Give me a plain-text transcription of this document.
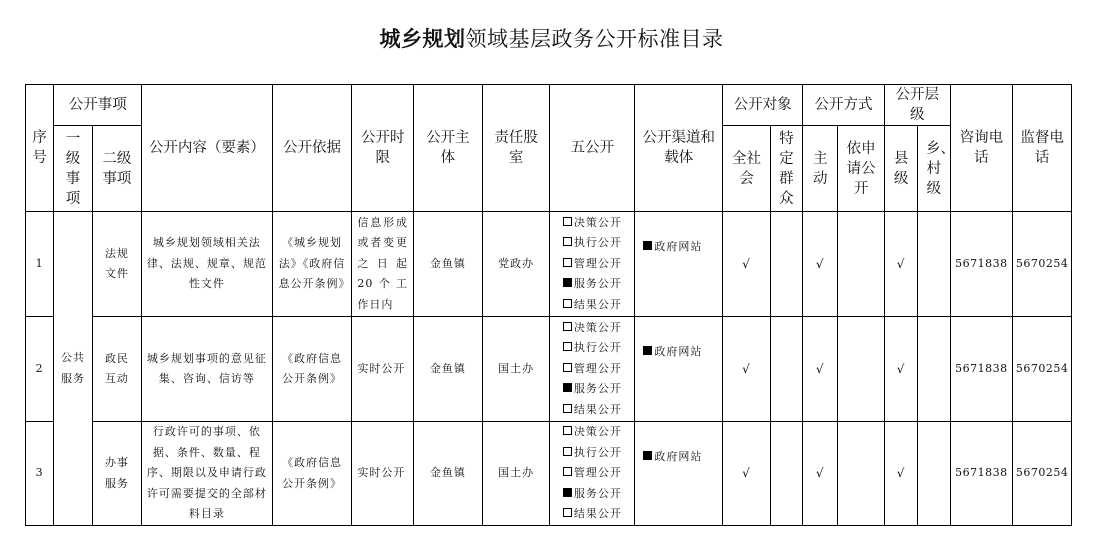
城乡规划领域基层政务公开标准目录
序号	公开事项		公开内容（要素）	公开依据	公开时限	公开主体	责任股室	五公开	公开渠道和载体	公开对象		公开方式		公开层级		咨询电话	监督电话
	一级事项	二级事项								全社会	特定群众	主动	依申请公开	县级	乡、村级		

1	公共服务	法规文件	城乡规划领域相关法律、法规、规章、规范性文件	《城乡规划法》《政府信息公开条例》	信息形成或者变更之日起20个工作日内	金鱼镇	党政办	决策公开
执行公开
管理公开
服务公开
结果公开	政府网站	√		√		√		5671838	5670254

2		政民互动	城乡规划事项的意见征集、咨询、信访等	《政府信息公开条例》	实时公开	金鱼镇	国土办	决策公开
执行公开
管理公开
服务公开
结果公开	政府网站	√		√		√		5671838	5670254

3		办事服务	行政许可的事项、依据、条件、数量、程序、期限以及申请行政许可需要提交的全部材料目录	《政府信息公开条例》	实时公开	金鱼镇	国土办	决策公开
执行公开
管理公开
服务公开
结果公开	政府网站	√		√		√		5671838	5670254
